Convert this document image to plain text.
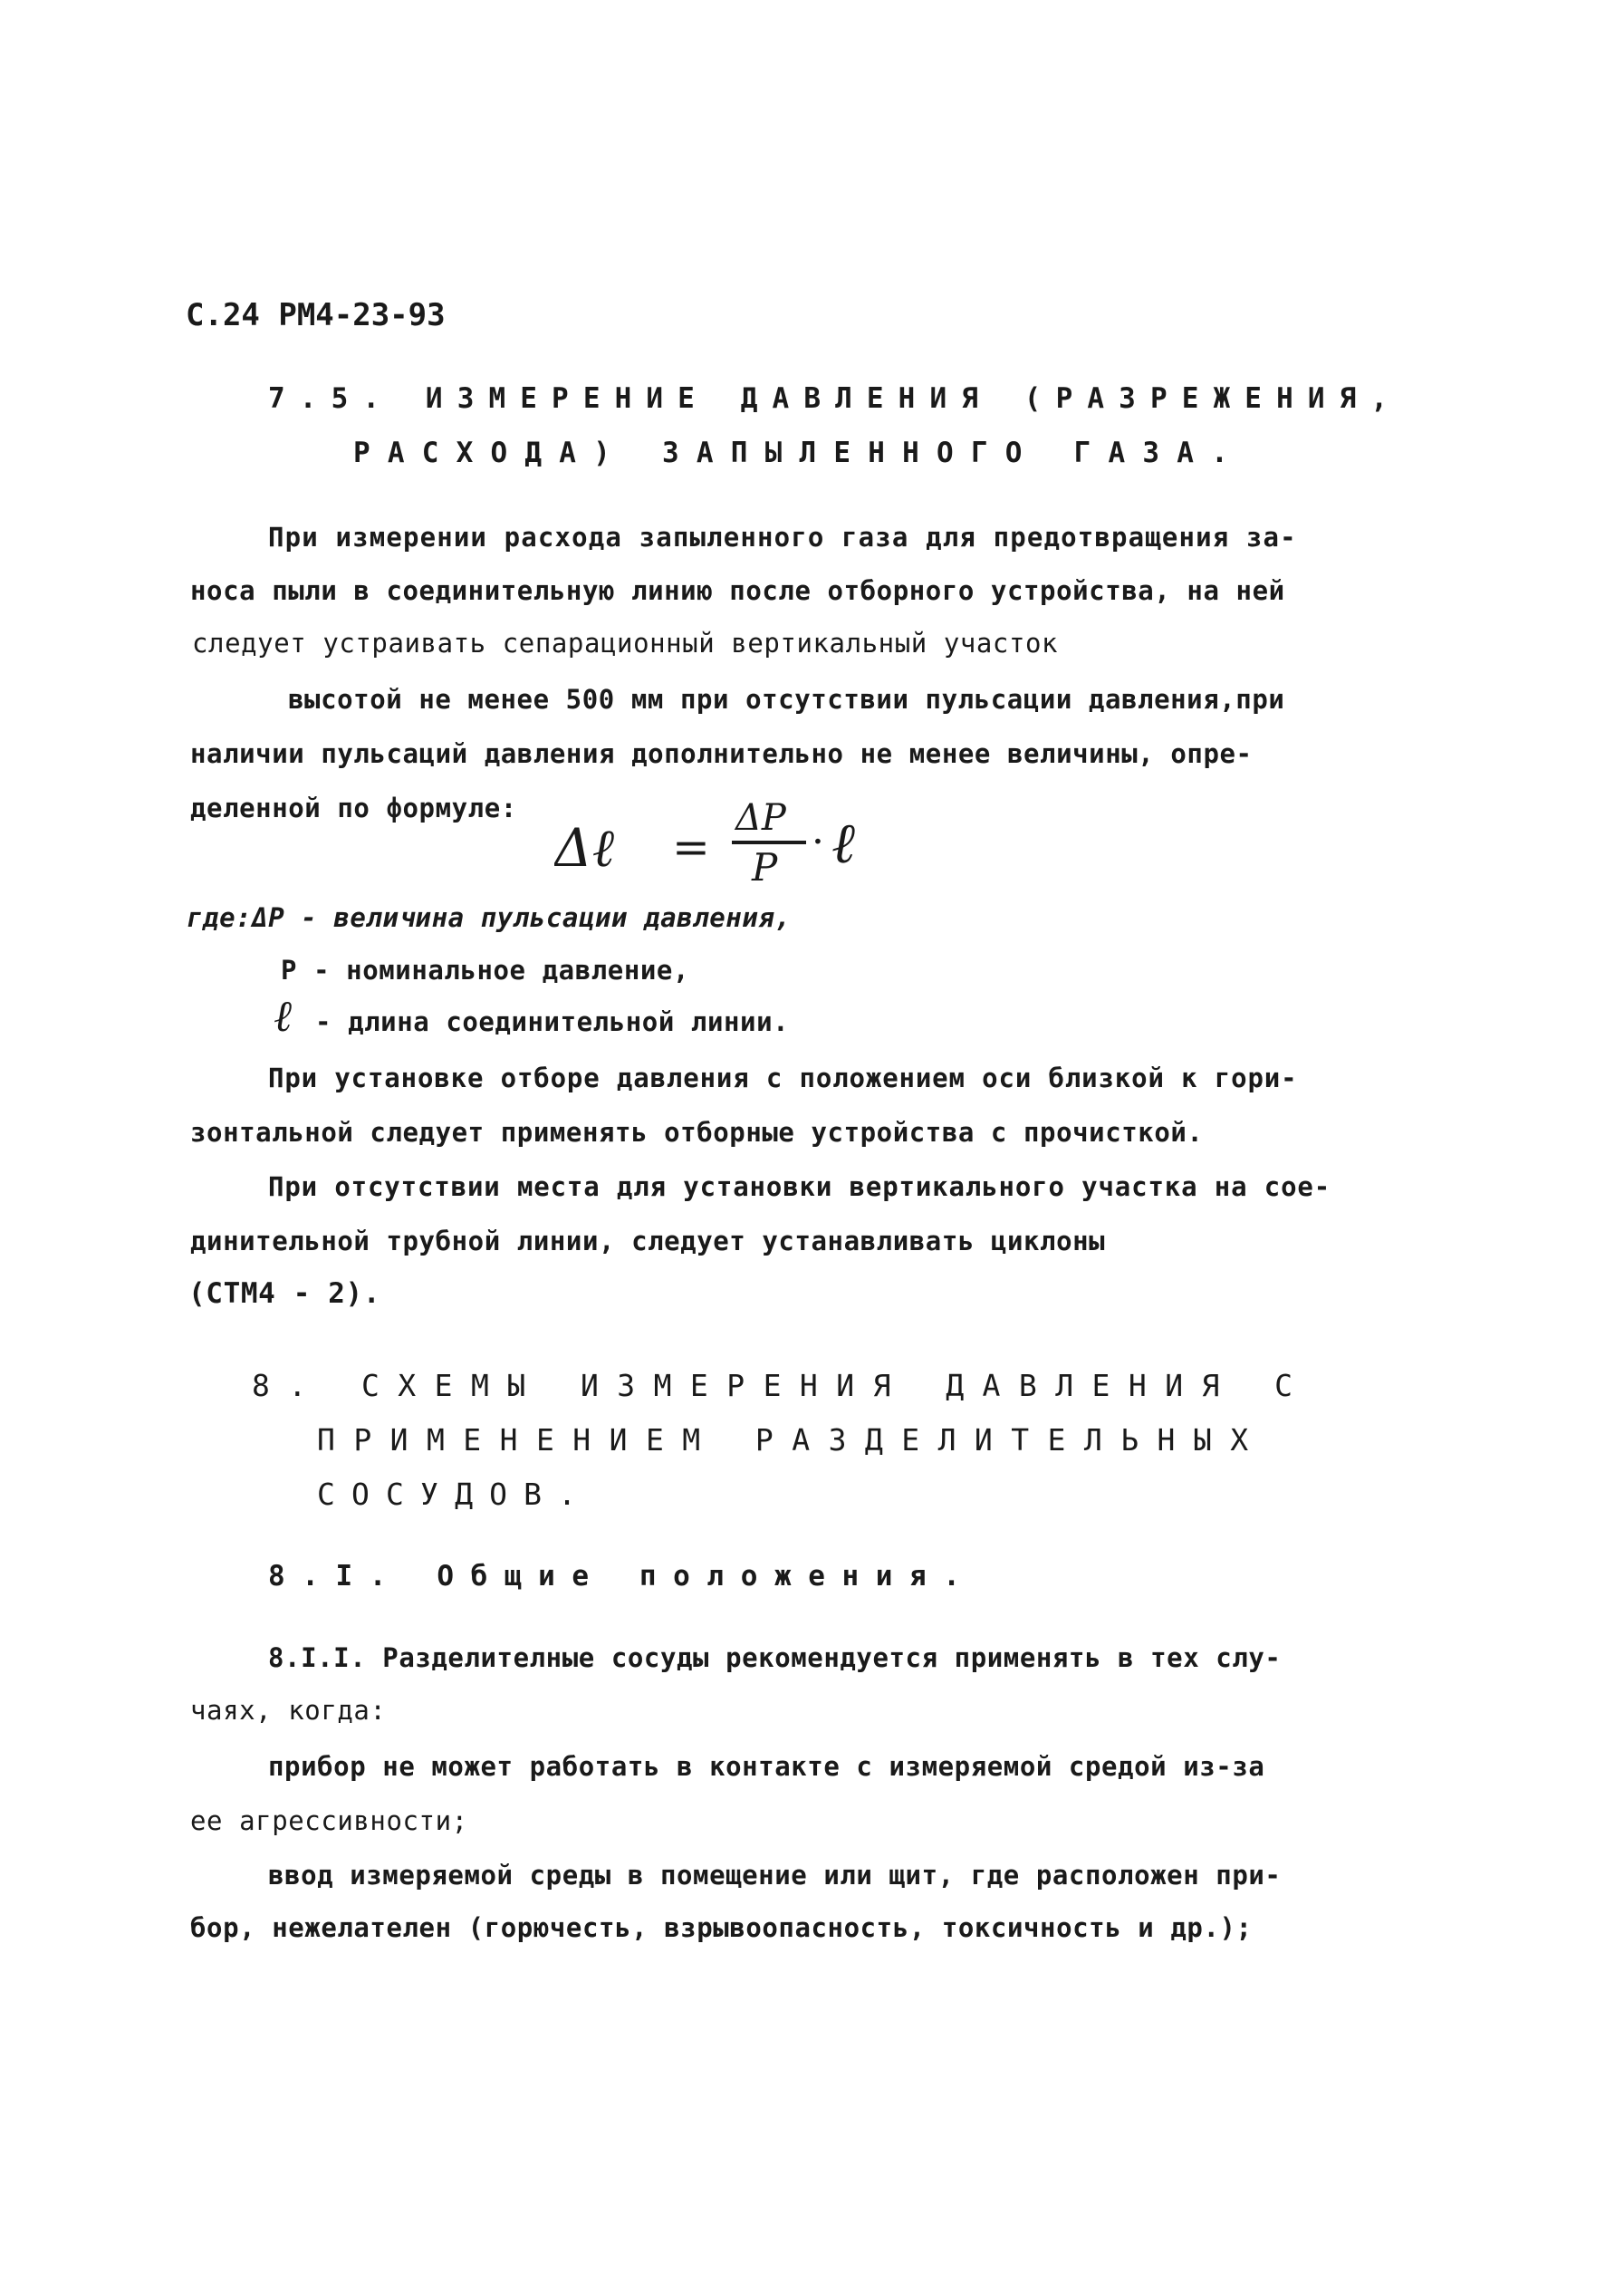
С.24 РМ4-23-93
7.5. ИЗМЕРЕНИЕ ДАВЛЕНИЯ (РАЗРЕЖЕНИЯ,
РАСХОДА) ЗАПЫЛЕННОГО ГАЗА.
При измерении расхода запыленного газа для предотвращения за-
носа пыли в соединительную линию после отборного устройства, на ней
следует устраивать сепарационный вертикальный участок
высотой не менее 500 мм при отсутствии пульсации давления,при
наличии пульсаций давления дополнительно не менее величины, опре-
деленной по формуле:
Δℓ =
ΔP
P
· ℓ
где:ΔР - величина пульсации давления,
Р - номинальное давление,
ℓ - длина соединительной линии.
При установке отборе давления с положением оси близкой к гори-
зонтальной следует применять отборные устройства с прочисткой.
При отсутствии места для установки вертикального участка на сое-
динительной трубной линии, следует устанавливать циклоны
(СТМ4 - 2).
8. СХЕМЫ ИЗМЕРЕНИЯ ДАВЛЕНИЯ С
ПРИМЕНЕНИЕМ РАЗДЕЛИТЕЛЬНЫХ
СОСУДОВ.
8.I. Общие положения.
8.I.I. Разделителные сосуды рекомендуется применять в тех слу-
чаях, когда:
прибор не может работать в контакте с измеряемой средой из-за
ее агрессивности;
ввод измеряемой среды в помещение или щит, где расположен при-
бор, нежелателен (горючесть, взрывоопасность, токсичность и др.);
